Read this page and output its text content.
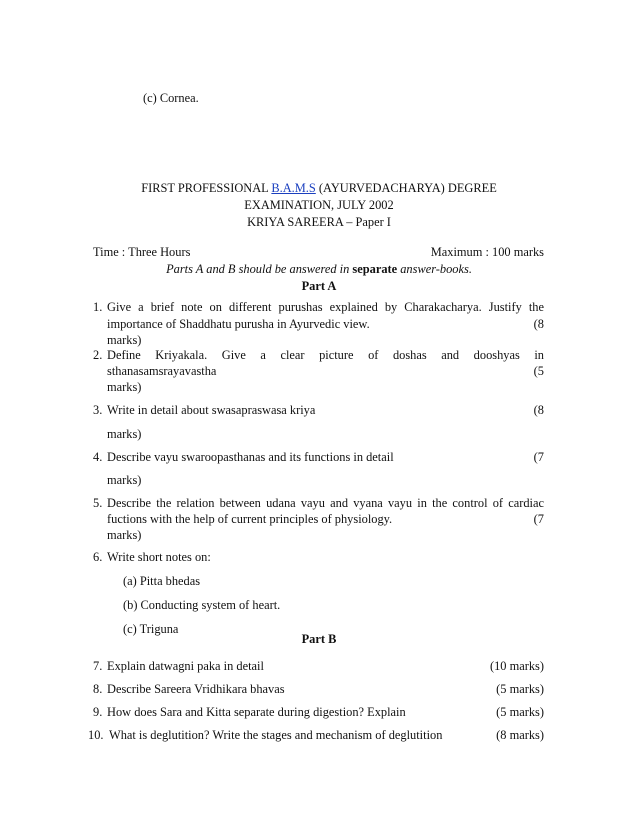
(c) Cornea.
FIRST PROFESSIONAL B.A.M.S (AYURVEDACHARYA) DEGREE
EXAMINATION, JULY 2002
KRIYA SAREERA – Paper I
Time : Three Hours	Maximum : 100 marks
Parts A and B should be answered in separate answer-books.
Part A
1. Give a brief note on different purushas explained by Charakacharya. Justify the
importance of Shaddhatu purusha in Ayurvedic view.	(8
marks)
2. Define Kriyakala. Give a clear picture of doshas and dooshyas in
sthanasamsrayavastha	(5
marks)
3. Write in detail about swasapraswasa kriya	(8
marks)
4. Describe vayu swaroopasthanas and its functions in detail	(7
marks)
5. Describe the relation between udana vayu and vyana vayu in the control of cardiac
fuctions with the help of current principles of physiology.	(7
marks)
6. Write short notes on:
(a) Pitta bhedas
(b) Conducting system of heart.
(c) Triguna
Part B
7. Explain datwagni paka in detail	(10 marks)
8. Describe Sareera Vridhikara bhavas	(5 marks)
9. How does Sara and Kitta separate during digestion? Explain	(5 marks)
10. What is deglutition? Write the stages and mechanism of deglutition	(8 marks)
